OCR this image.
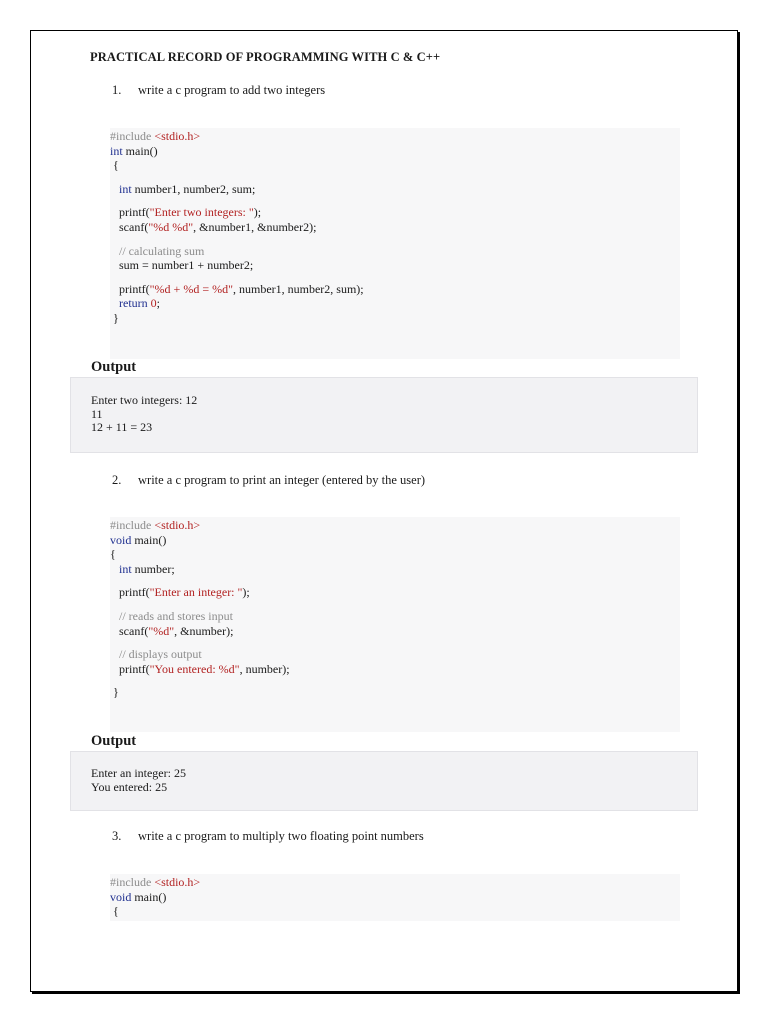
PRACTICAL RECORD OF PROGRAMMING WITH C & C++
1. write a c program to add two integers
#include <stdio.h>
int main()
{
int number1, number2, sum;
printf("Enter two integers: ");
scanf("%d %d", &number1, &number2);
// calculating sum
sum = number1 + number2;
printf("%d + %d = %d", number1, number2, sum);
return 0;
}
Output
Enter two integers: 12
11
12 + 11 = 23
2. write a c program to print an integer (entered by the user)
#include <stdio.h>
void main()
{
int number;
printf("Enter an integer: ");
// reads and stores input
scanf("%d", &number);
// displays output
printf("You entered: %d", number);
}
Output
Enter an integer: 25
You entered: 25
3. write a c program to multiply two floating point numbers
#include <stdio.h>
void main()
{
